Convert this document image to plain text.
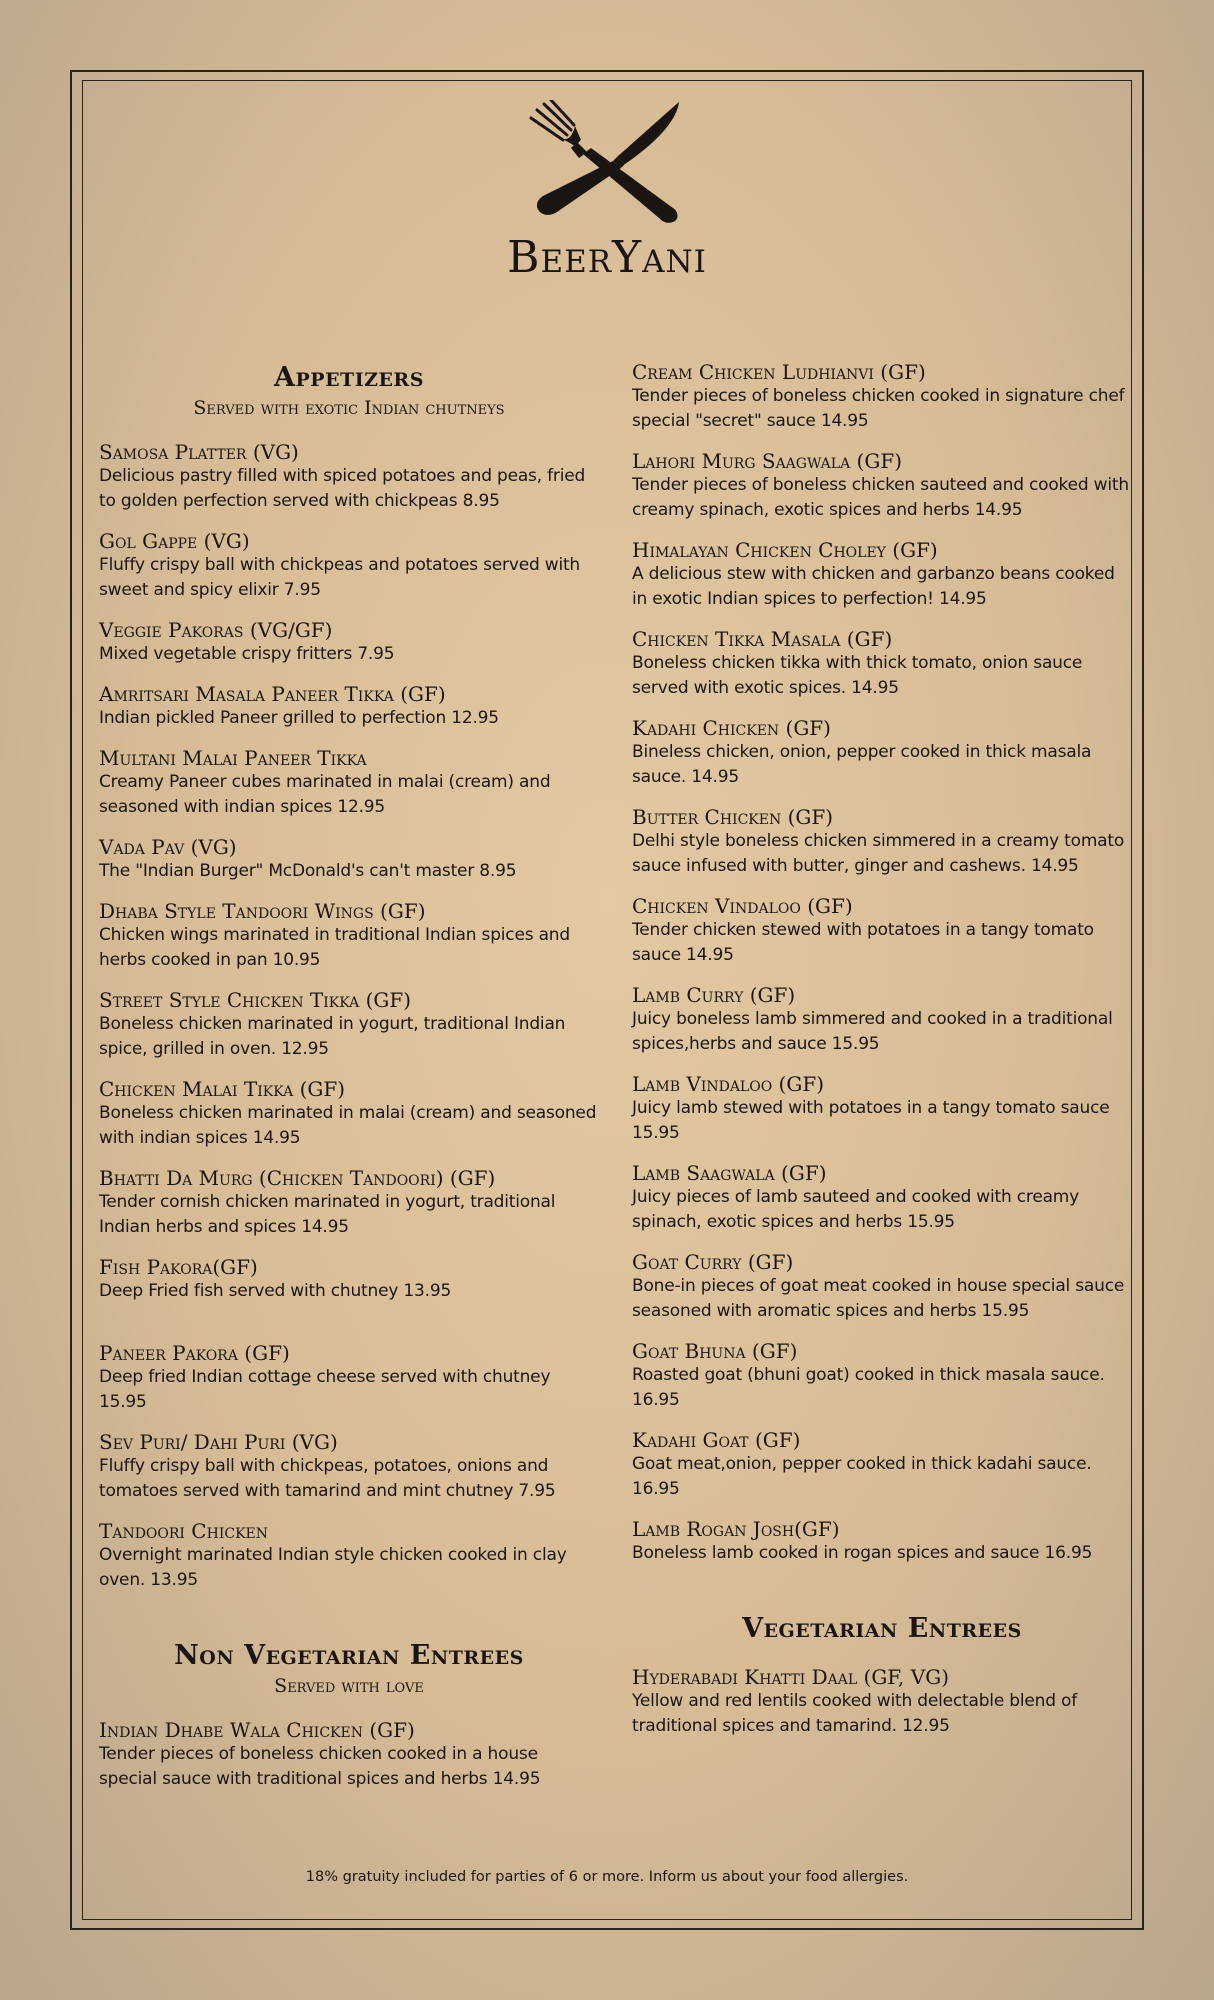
BeerYani
Appetizers
Served with exotic Indian chutneys
Samosa Platter (VG)
Delicious pastry filled with spiced potatoes and peas, fried to golden perfection served with chickpeas 8.95
Gol Gappe (VG)
Fluffy crispy ball with chickpeas and potatoes served with sweet and spicy elixir 7.95
Veggie Pakoras (VG/GF)
Mixed vegetable crispy fritters 7.95
Amritsari Masala Paneer Tikka (GF)
Indian pickled Paneer grilled to perfection 12.95
Multani Malai Paneer Tikka
Creamy Paneer cubes marinated in malai (cream) and seasoned with indian spices 12.95
Vada Pav (VG)
The "Indian Burger" McDonald's can't master 8.95
Dhaba Style Tandoori Wings (GF)
Chicken wings marinated in traditional Indian spices and herbs cooked in pan 10.95
Street Style Chicken Tikka (GF)
Boneless chicken marinated in yogurt, traditional Indian spice, grilled in oven. 12.95
Chicken Malai Tikka (GF)
Boneless chicken marinated in malai (cream) and seasoned with indian spices 14.95
Bhatti Da Murg (Chicken Tandoori) (GF)
Tender cornish chicken marinated in yogurt, traditional Indian herbs and spices 14.95
Fish Pakora(GF)
Deep Fried fish served with chutney 13.95
Paneer Pakora (GF)
Deep fried Indian cottage cheese served with chutney 15.95
Sev Puri/ Dahi Puri (VG)
Fluffy crispy ball with chickpeas, potatoes, onions and tomatoes served with tamarind and mint chutney 7.95
Tandoori Chicken
Overnight marinated Indian style chicken cooked in clay oven. 13.95
Non Vegetarian Entrees
Served with love
Indian Dhabe Wala Chicken (GF)
Tender pieces of boneless chicken cooked in a house special sauce with traditional spices and herbs 14.95
Cream Chicken Ludhianvi (GF)
Tender pieces of boneless chicken cooked in signature chef special "secret" sauce 14.95
Lahori Murg Saagwala (GF)
Tender pieces of boneless chicken sauteed and cooked with creamy spinach, exotic spices and herbs 14.95
Himalayan Chicken Choley (GF)
A delicious stew with chicken and garbanzo beans cooked in exotic Indian spices to perfection! 14.95
Chicken Tikka Masala (GF)
Boneless chicken tikka with thick tomato, onion sauce served with exotic spices. 14.95
Kadahi Chicken (GF)
Bineless chicken, onion, pepper cooked in thick masala sauce. 14.95
Butter Chicken (GF)
Delhi style boneless chicken simmered in a creamy tomato sauce infused with butter, ginger and cashews. 14.95
Chicken Vindaloo (GF)
Tender chicken stewed with potatoes in a tangy tomato sauce 14.95
Lamb Curry (GF)
Juicy boneless lamb simmered and cooked in a traditional spices,herbs and sauce 15.95
Lamb Vindaloo (GF)
Juicy lamb stewed with potatoes in a tangy tomato sauce 15.95
Lamb Saagwala (GF)
Juicy pieces of lamb sauteed and cooked with creamy spinach, exotic spices and herbs 15.95
Goat Curry (GF)
Bone-in pieces of goat meat cooked in house special sauce seasoned with aromatic spices and herbs 15.95
Goat Bhuna (GF)
Roasted goat (bhuni goat) cooked in thick masala sauce. 16.95
Kadahi Goat (GF)
Goat meat,onion, pepper cooked in thick kadahi sauce. 16.95
Lamb Rogan Josh(GF)
Boneless lamb cooked in rogan spices and sauce 16.95
Vegetarian Entrees
Hyderabadi Khatti Daal (GF, VG)
Yellow and red lentils cooked with delectable blend of traditional spices and tamarind. 12.95
18% gratuity included for parties of 6 or more. Inform us about your food allergies.
